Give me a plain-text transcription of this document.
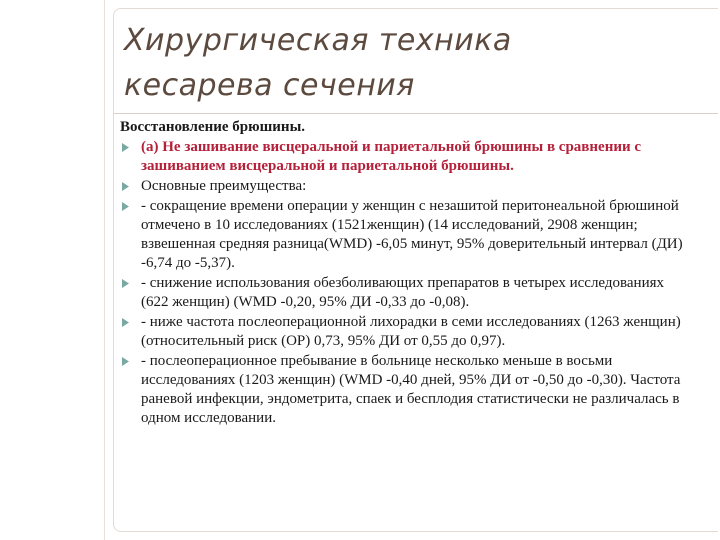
Хирургическая техника
кесарева сечения
Восстановление брюшины.
(а) Не зашивание висцеральной и париетальной брюшины в сравнении с зашиванием висцеральной и париетальной брюшины.
Основные преимущества:
- сокращение времени операции у женщин с незашитой перитонеальной брюшиной отмечено в 10 исследованиях (1521женщин) (14 исследований, 2908 женщин; взвешенная средняя разница(WMD) -6,05 минут, 95% доверительный интервал (ДИ) -6,74 до -5,37).
- снижение использования обезболивающих препаратов в четырех исследованиях (622 женщин) (WMD -0,20, 95% ДИ -0,33 до -0,08).
- ниже частота послеоперационной лихорадки в семи исследованиях (1263 женщин) (относительный риск (ОР) 0,73, 95% ДИ от 0,55 до 0,97).
- послеоперационное пребывание в больнице несколько меньше в восьми исследованиях (1203 женщин) (WMD -0,40 дней, 95% ДИ от -0,50 до -0,30). Частота раневой инфекции, эндометрита, спаек и бесплодия статистически не различалась в одном исследовании.
